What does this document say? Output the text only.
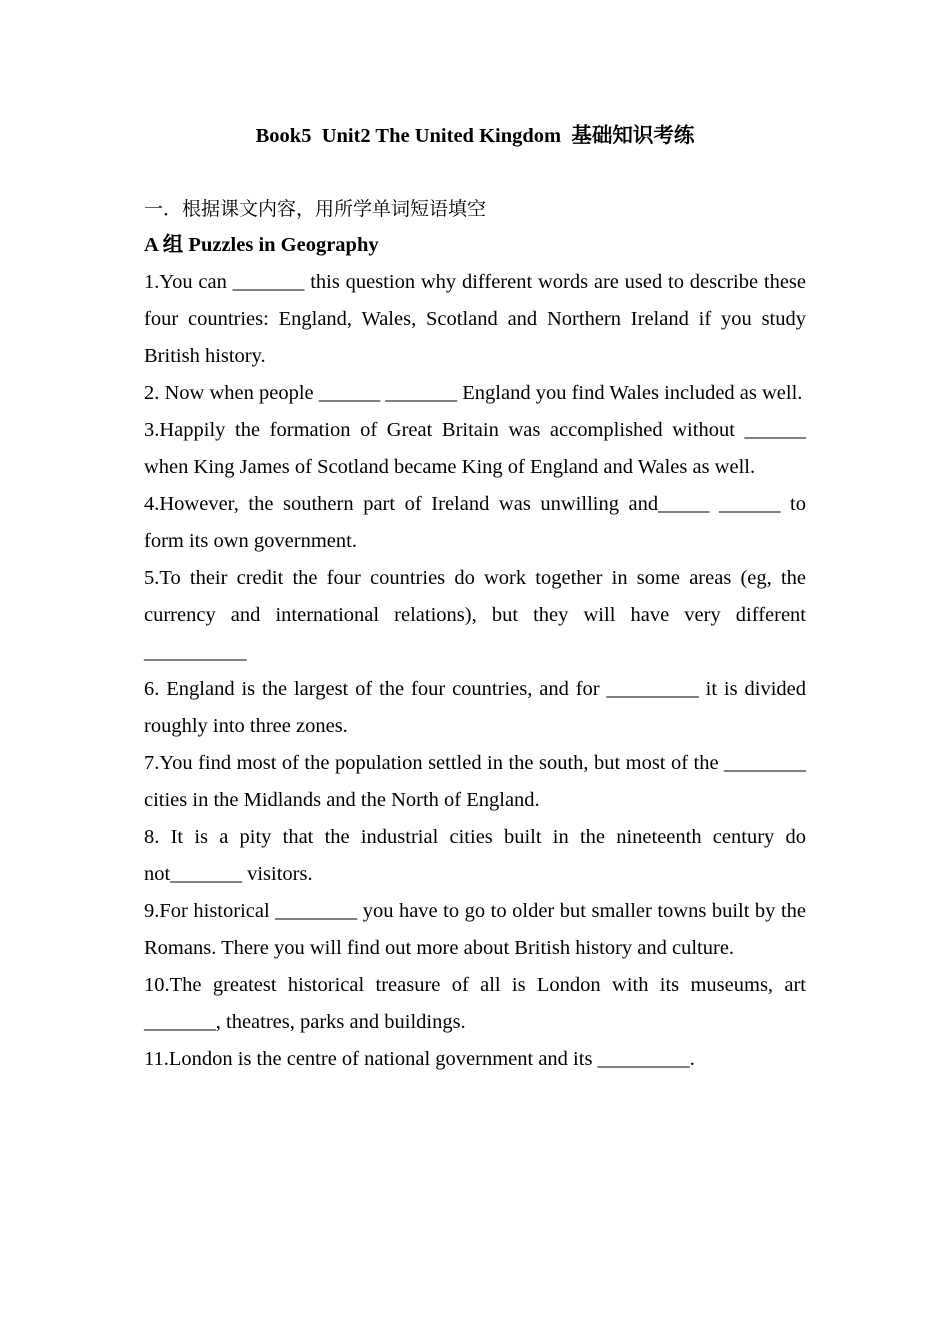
Book5  Unit2 The United Kingdom  基础知识考练

一．根据课文内容，用所学单词短语填空

A 组 Puzzles in Geography

1.You can _______ this question why different words are used to describe these four countries: England, Wales, Scotland and Northern Ireland if you study British history.

2. Now when people ______ _______ England you find Wales included as well.

3.Happily the formation of Great Britain was accomplished without ______ when King James of Scotland became King of England and Wales as well.

4.However, the southern part of Ireland was unwilling and_____ ______ to form its own government.

5.To their credit the four countries do work together in some areas (eg, the currency and international relations), but they will have very different __________

6. England is the largest of the four countries, and for _________ it is divided roughly into three zones.

7.You find most of the population settled in the south, but most of the ________ cities in the Midlands and the North of England.

8. It is a pity that the industrial cities built in the nineteenth century do not_______ visitors.

9.For historical ________ you have to go to older but smaller towns built by the Romans. There you will find out more about British history and culture.

10.The greatest historical treasure of all is London with its museums, art _______, theatres, parks and buildings.

11.London is the centre of national government and its _________.
